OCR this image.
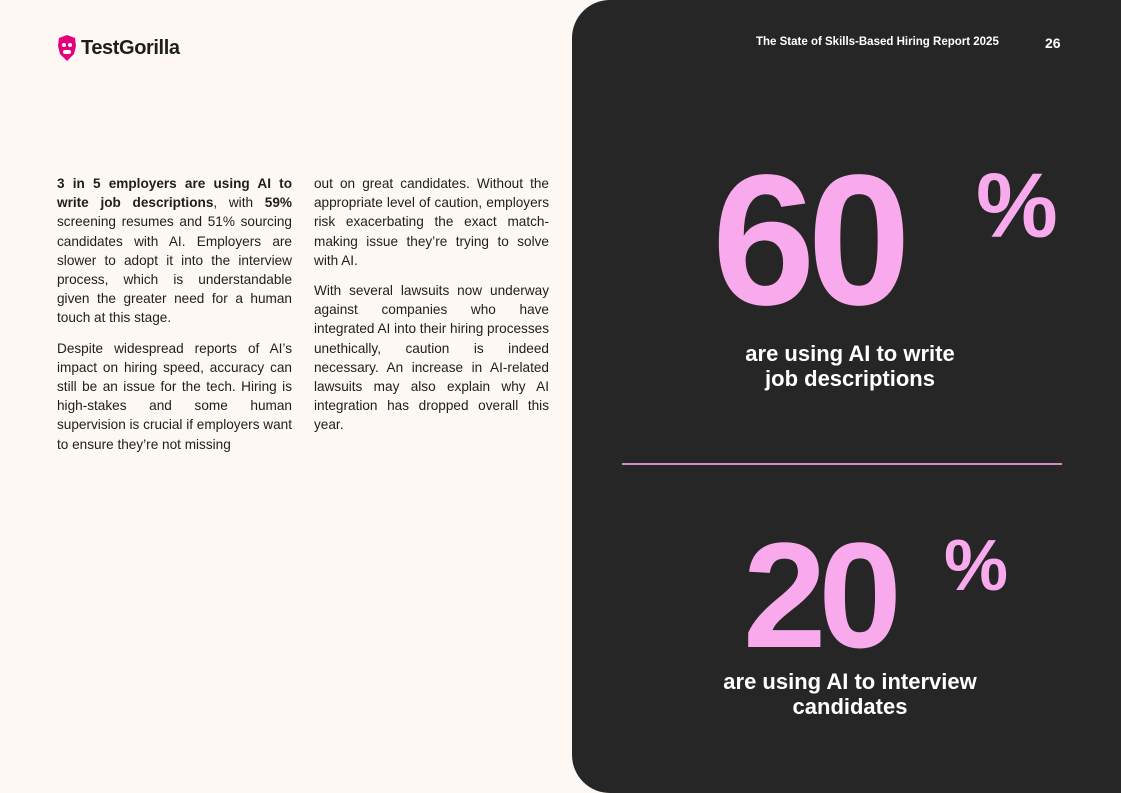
TestGorilla

3 in 5 employers are using AI to write job descriptions, with 59% screening resumes and 51% sourcing candidates with AI. Employers are slower to adopt it into the interview process, which is understandable given the greater need for a human touch at this stage.

Despite widespread reports of AI’s impact on hiring speed, accuracy can still be an issue for the tech. Hiring is high-stakes and some human supervision is crucial if employers want to ensure they’re not missing

out on great candidates. Without the appropriate level of caution, employers risk exacerbating the exact match-making issue they’re trying to solve with AI.

With several lawsuits now underway against companies who have integrated AI into their hiring processes unethically, caution is indeed necessary. An increase in AI-related lawsuits may also explain why AI integration has dropped overall this year.

The State of Skills-Based Hiring Report 2025	26
60 %
are using AI to write
job descriptions
20 %
are using AI to interview
candidates
